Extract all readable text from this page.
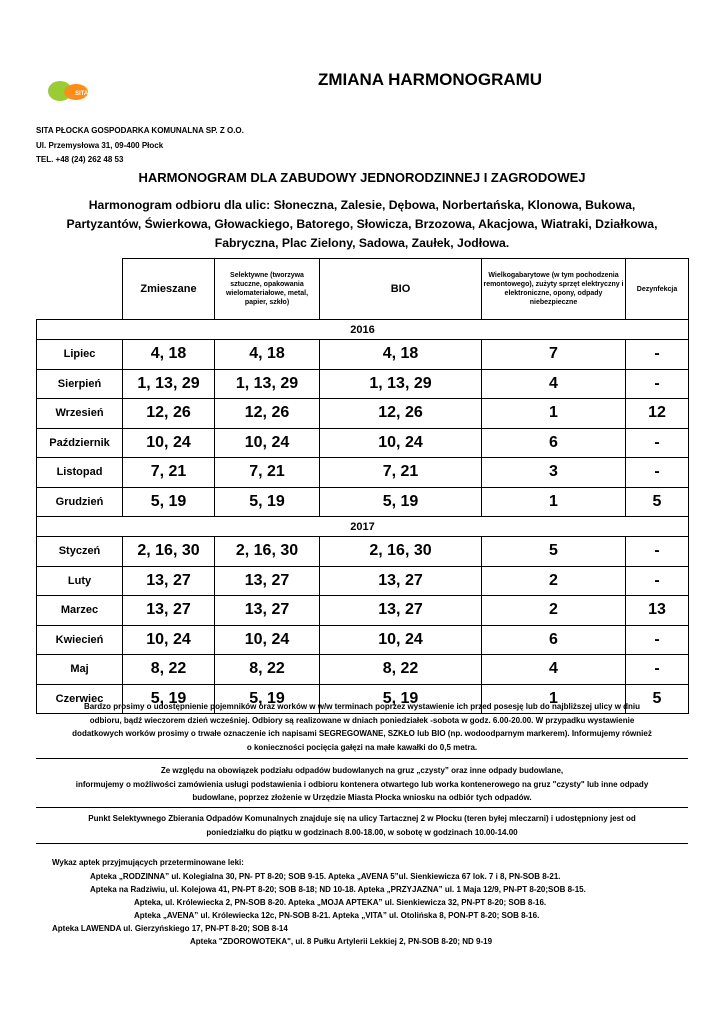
SITA
ZMIANA HARMONOGRAMU
SITA PŁOCKA GOSPODARKA KOMUNALNA SP. Z O.O.
Ul. Przemysłowa 31, 09-400 Płock
TEL. +48 (24) 262 48 53
HARMONOGRAM DLA ZABUDOWY JEDNORODZINNEJ I ZAGRODOWEJ
Harmonogram odbioru dla ulic: Słoneczna, Zalesie, Dębowa, Norbertańska, Klonowa, Bukowa,
Partyzantów, Świerkowa, Głowackiego, Batorego, Słowicza, Brzozowa, Akacjowa, Wiatraki, Działkowa,
Fabryczna, Plac Zielony, Sadowa, Zaułek, Jodłowa.
	Zmieszane	Selektywne (tworzywa sztuczne, opakowania wielomateriałowe, metal, papier, szkło)	BIO	Wielkogabarytowe (w tym pochodzenia remontowego), zużyty sprzęt elektryczny i elektroniczne, opony, odpady niebezpieczne	Dezynfekcja
2016					
Lipiec	4, 18	4, 18	4, 18	7	-
Sierpień	1, 13, 29	1, 13, 29	1, 13, 29	4	-
Wrzesień	12, 26	12, 26	12, 26	1	12
Październik	10, 24	10, 24	10, 24	6	-
Listopad	7, 21	7, 21	7, 21	3	-
Grudzień	5, 19	5, 19	5, 19	1	5
2017					
Styczeń	2, 16, 30	2, 16, 30	2, 16, 30	5	-
Luty	13, 27	13, 27	13, 27	2	-
Marzec	13, 27	13, 27	13, 27	2	13
Kwiecień	10, 24	10, 24	10, 24	6	-
Maj	8, 22	8, 22	8, 22	4	-
Czerwiec	5, 19	5, 19	5, 19	1	5
Bardzo prosimy o udostępnienie pojemników oraz worków w w/w terminach poprzez wystawienie ich przed posesję lub do najbliższej ulicy w dniu
odbioru, bądź wieczorem dzień wcześniej. Odbiory są realizowane w dniach poniedziałek -sobota w godz. 6.00-20.00. W przypadku wystawienie
dodatkowych worków prosimy o trwałe oznaczenie ich napisami SEGREGOWANE, SZKŁO lub BIO (np. wodoodparnym markerem). Informujemy również
o konieczności pocięcia gałęzi na małe kawałki do 0,5 metra.
Ze względu na obowiązek podziału odpadów budowlanych na gruz „czysty” oraz inne odpady budowlane,
informujemy o możliwości zamówienia usługi podstawienia i odbioru kontenera otwartego lub worka kontenerowego na gruz "czysty" lub inne odpady
budowlane, poprzez złożenie w Urzędzie Miasta Płocka wniosku na odbiór tych odpadów.
Punkt Selektywnego Zbierania Odpadów Komunalnych znajduje się na ulicy Tartacznej 2 w Płocku (teren byłej mleczarni) i udostępniony jest od
poniedziałku do piątku w godzinach 8.00-18.00, w sobotę w godzinach 10.00-14.00
Wykaz aptek przyjmujących przeterminowane leki:
Apteka „RODZINNA” ul. Kolegialna 30, PN- PT 8-20; SOB 9-15. Apteka „AVENA 5”ul. Sienkiewicza 67 lok. 7 i 8, PN-SOB 8-21.
Apteka na Radziwiu, ul. Kolejowa 41, PN-PT 8-20; SOB 8-18; ND 10-18. Apteka „PRZYJAZNA” ul. 1 Maja 12/9, PN-PT 8-20;SOB 8-15.
Apteka, ul. Królewiecka 2, PN-SOB 8-20. Apteka „MOJA APTEKA” ul. Sienkiewicza 32, PN-PT 8-20; SOB 8-16.
Apteka „AVENA” ul. Królewiecka 12c, PN-SOB 8-21. Apteka „VITA” ul. Otolińska 8, PON-PT 8-20; SOB 8-16.
Apteka LAWENDA ul. Gierzyńskiego 17, PN-PT 8-20; SOB 8-14
Apteka "ZDOROWOTEKA", ul. 8 Pułku Artylerii Lekkiej 2, PN-SOB 8-20; ND 9-19
